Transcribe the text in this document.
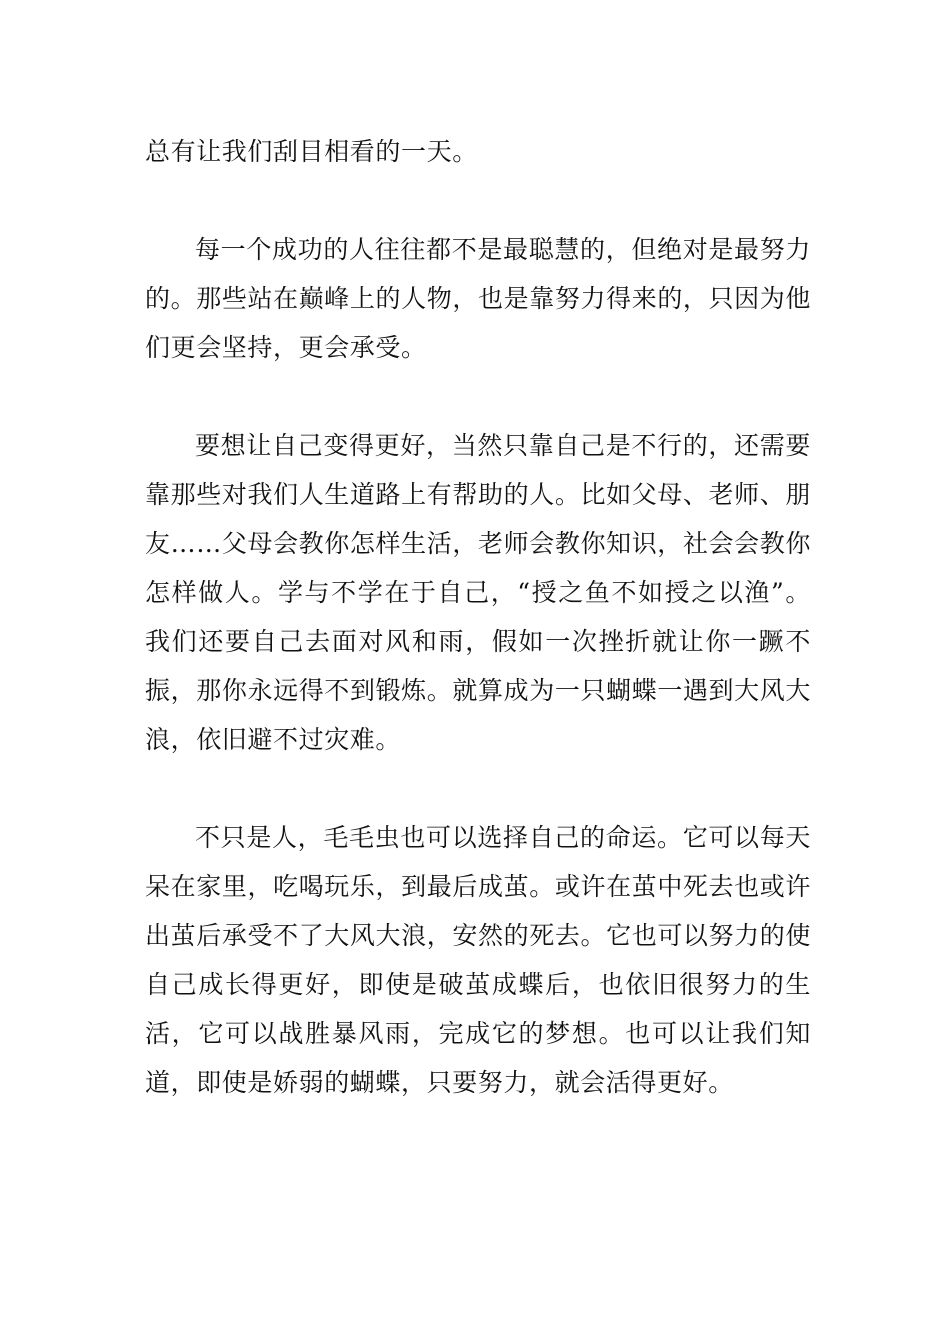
总有让我们刮目相看的一天。

每一个成功的人往往都不是最聪慧的，但绝对是最努力的。那些站在巅峰上的人物，也是靠努力得来的，只因为他们更会坚持，更会承受。

要想让自己变得更好，当然只靠自己是不行的，还需要靠那些对我们人生道路上有帮助的人。比如父母、老师、朋友……父母会教你怎样生活，老师会教你知识，社会会教你怎样做人。学与不学在于自己，“授之鱼不如授之以渔”。我们还要自己去面对风和雨，假如一次挫折就让你一蹶不振，那你永远得不到锻炼。就算成为一只蝴蝶一遇到大风大浪，依旧避不过灾难。

不只是人，毛毛虫也可以选择自己的命运。它可以每天呆在家里，吃喝玩乐，到最后成茧。或许在茧中死去也或许出茧后承受不了大风大浪，安然的死去。它也可以努力的使自己成长得更好，即使是破茧成蝶后，也依旧很努力的生活，它可以战胜暴风雨，完成它的梦想。也可以让我们知道，即使是娇弱的蝴蝶，只要努力，就会活得更好。
